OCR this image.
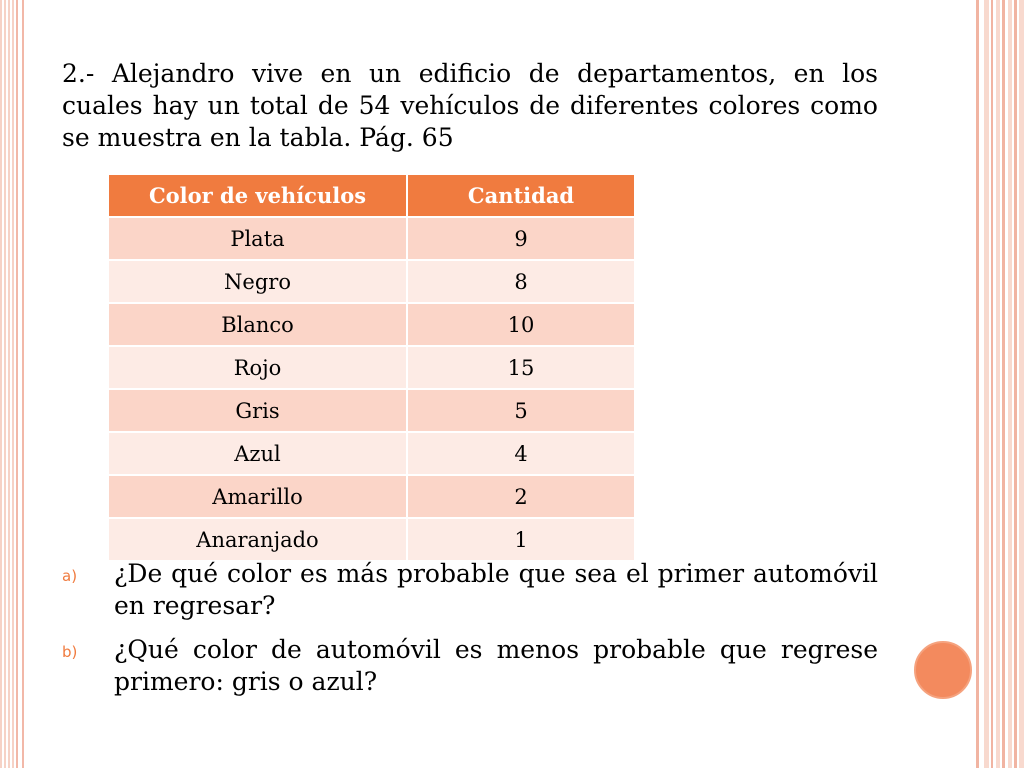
2.- Alejandro vive en un edificio de departamentos, en los cuales hay un total de 54 vehículos de diferentes colores como se muestra en la tabla. Pág. 65

Color de vehículos	Cantidad
Plata	9
Negro	8
Blanco	10
Rojo	15
Gris	5
Azul	4
Amarillo	2
Anaranjado	1
a) ¿De qué color es más probable que sea el primer automóvil en regresar?
b) ¿Qué color de automóvil es menos probable que regrese primero: gris o azul?
